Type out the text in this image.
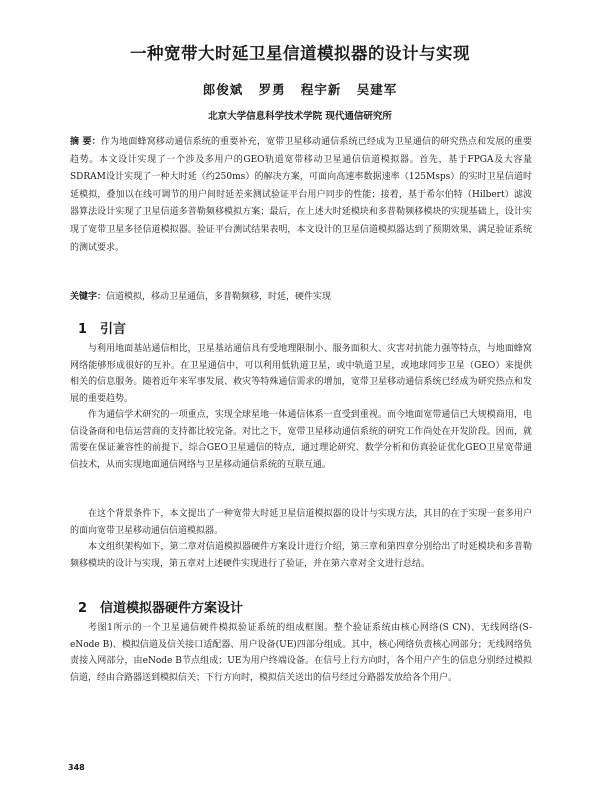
一种宽带大时延卫星信道模拟器的设计与实现
郎俊斌 罗勇 程宇新 吴建军
北京大学信息科学技术学院 现代通信研究所
摘 要：作为地面蜂窝移动通信系统的重要补充，宽带卫星移动通信系统已经成为卫星通信的研究热点和发展的重要趋势。本文设计实现了一个涉及多用户的GEO轨道宽带移动卫星通信信道模拟器。首先，基于FPGA及大容量SDRAM设计实现了一种大时延（约250ms）的解决方案，可面向高速率数据速率（125Msps）的实时卫星信道时延模拟，叠加以在线可调节的用户间时延差来测试验证平台用户同步的性能；接着，基于希尔伯特（Hilbert）滤波器算法设计实现了卫星信道多普勒频移模拟方案；最后，在上述大时延模块和多普勒频移模块的实现基础上，设计实现了宽带卫星多径信道模拟器。验证平台测试结果表明，本文设计的卫星信道模拟器达到了预期效果，满足验证系统的测试要求。
关键字：信道模拟，移动卫星通信，多普勒频移，时延，硬件实现
1 引言
与利用地面基站通信相比，卫星基站通信具有受地理限制小、服务面积大、灾害对抗能力强等特点，与地面蜂窝网络能够形成很好的互补。在卫星通信中，可以利用低轨道卫星，或中轨道卫星，或地球同步卫星（GEO）来提供相关的信息服务。随着近年来军事发展、救灾等特殊通信需求的增加，宽带卫星移动通信系统已经成为研究热点和发展的重要趋势。
作为通信学术研究的一项重点，实现全球星地一体通信体系一直受到重视。而今地面宽带通信已大规模商用，电信设备商和电信运营商的支持都比较完备。对比之下，宽带卫星移动通信系统的研究工作尚处在开发阶段。因而，就需要在保证兼容性的前提下，综合GEO卫星通信的特点，通过理论研究、数学分析和仿真验证优化GEO卫星宽带通信技术，从而实现地面通信网络与卫星移动通信系统的互联互通。
在这个背景条件下，本文提出了一种宽带大时延卫星信道模拟器的设计与实现方法，其目的在于实现一套多用户的面向宽带卫星移动通信信道模拟器。
本文组织架构如下，第二章对信道模拟器硬件方案设计进行介绍，第三章和第四章分别给出了时延模块和多普勒频移模块的设计与实现，第五章对上述硬件实现进行了验证，并在第六章对全文进行总结。
2 信道模拟器硬件方案设计
考图1所示的一个卫星通信硬件模拟验证系统的组成框图。整个验证系统由核心网络(S CN)、无线网络(S-eNode B)、模拟信道及信关接口适配器、用户设备(UE)四部分组成。其中，核心网络负责核心网部分；无线网络负责接入网部分，由eNode B节点组成；UE为用户终端设备。在信号上行方向时，各个用户产生的信息分别经过模拟信道，经由合路器送到模拟信关；下行方向时，模拟信关送出的信号经过分路器发放给各个用户。
348
